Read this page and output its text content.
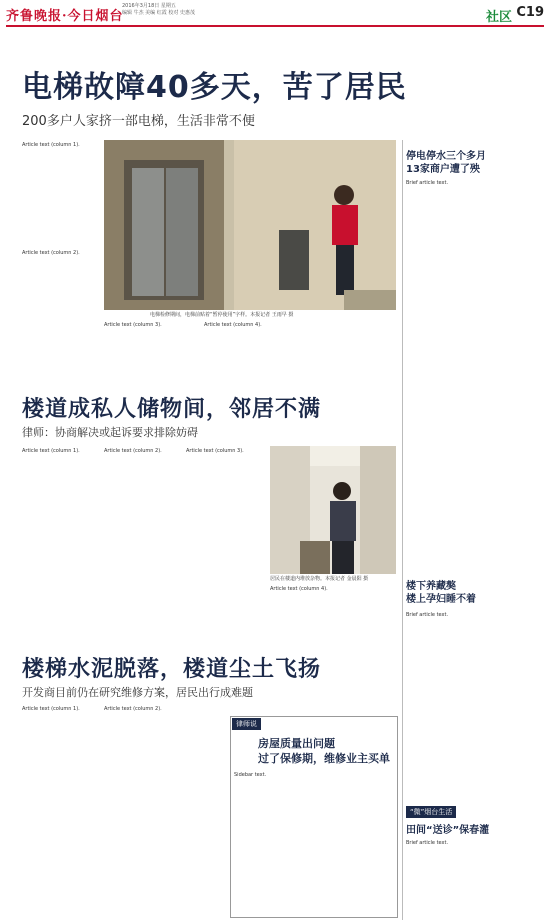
齐鲁晚报·今日烟台
2016年3月18日 星期五
编辑 牛杰 美编 红霞 校对 史惠茂	社区 C19
电梯故障40多天，苦了居民
200多户人家挤一部电梯，生活非常不便
Article text (column 1).
Article text (column 2).
电梯检修期间，电梯前贴着“暂停使用”字样。本报记者 王雨早 摄
Article text (column 3).	Article text (column 4).
停电停水三个多月
13家商户遭了殃
Brief article text.
楼道成私人储物间，邻居不满
律师：协商解决或起诉要求排除妨碍
Article text (column 1).	Article text (column 2).	Article text (column 3).
居民在楼道内堆放杂物。本报记者 金晨阳 摄
Article text (column 4).	楼下养藏獒
楼上孕妇睡不着
Brief article text.
楼梯水泥脱落，楼道尘土飞扬
开发商目前仍在研究维修方案，居民出行成难题
Article text (column 1).	Article text (column 2).
律师说
房屋质量出问题
过了保修期，维修业主买单
Sidebar text.
“微”烟台生活
田间“送诊”保春灌
Brief article text.
